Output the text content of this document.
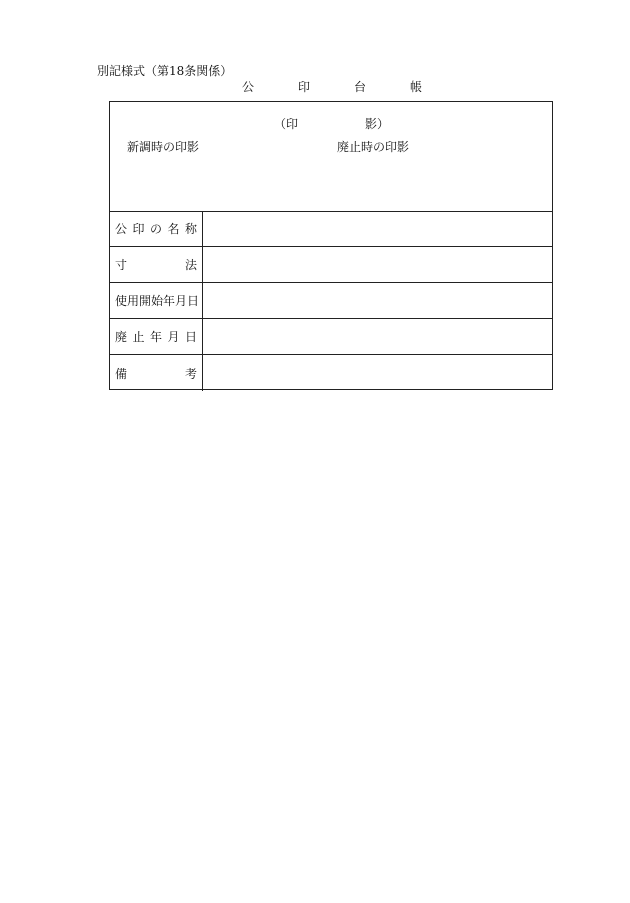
別記様式（第18条関係）
公	印	台	帳
（印	影）
新調時の印影	廃止時の印影
公 印 の 名 称
寸	法
使用開始年月日
廃 止 年 月 日
備	考
